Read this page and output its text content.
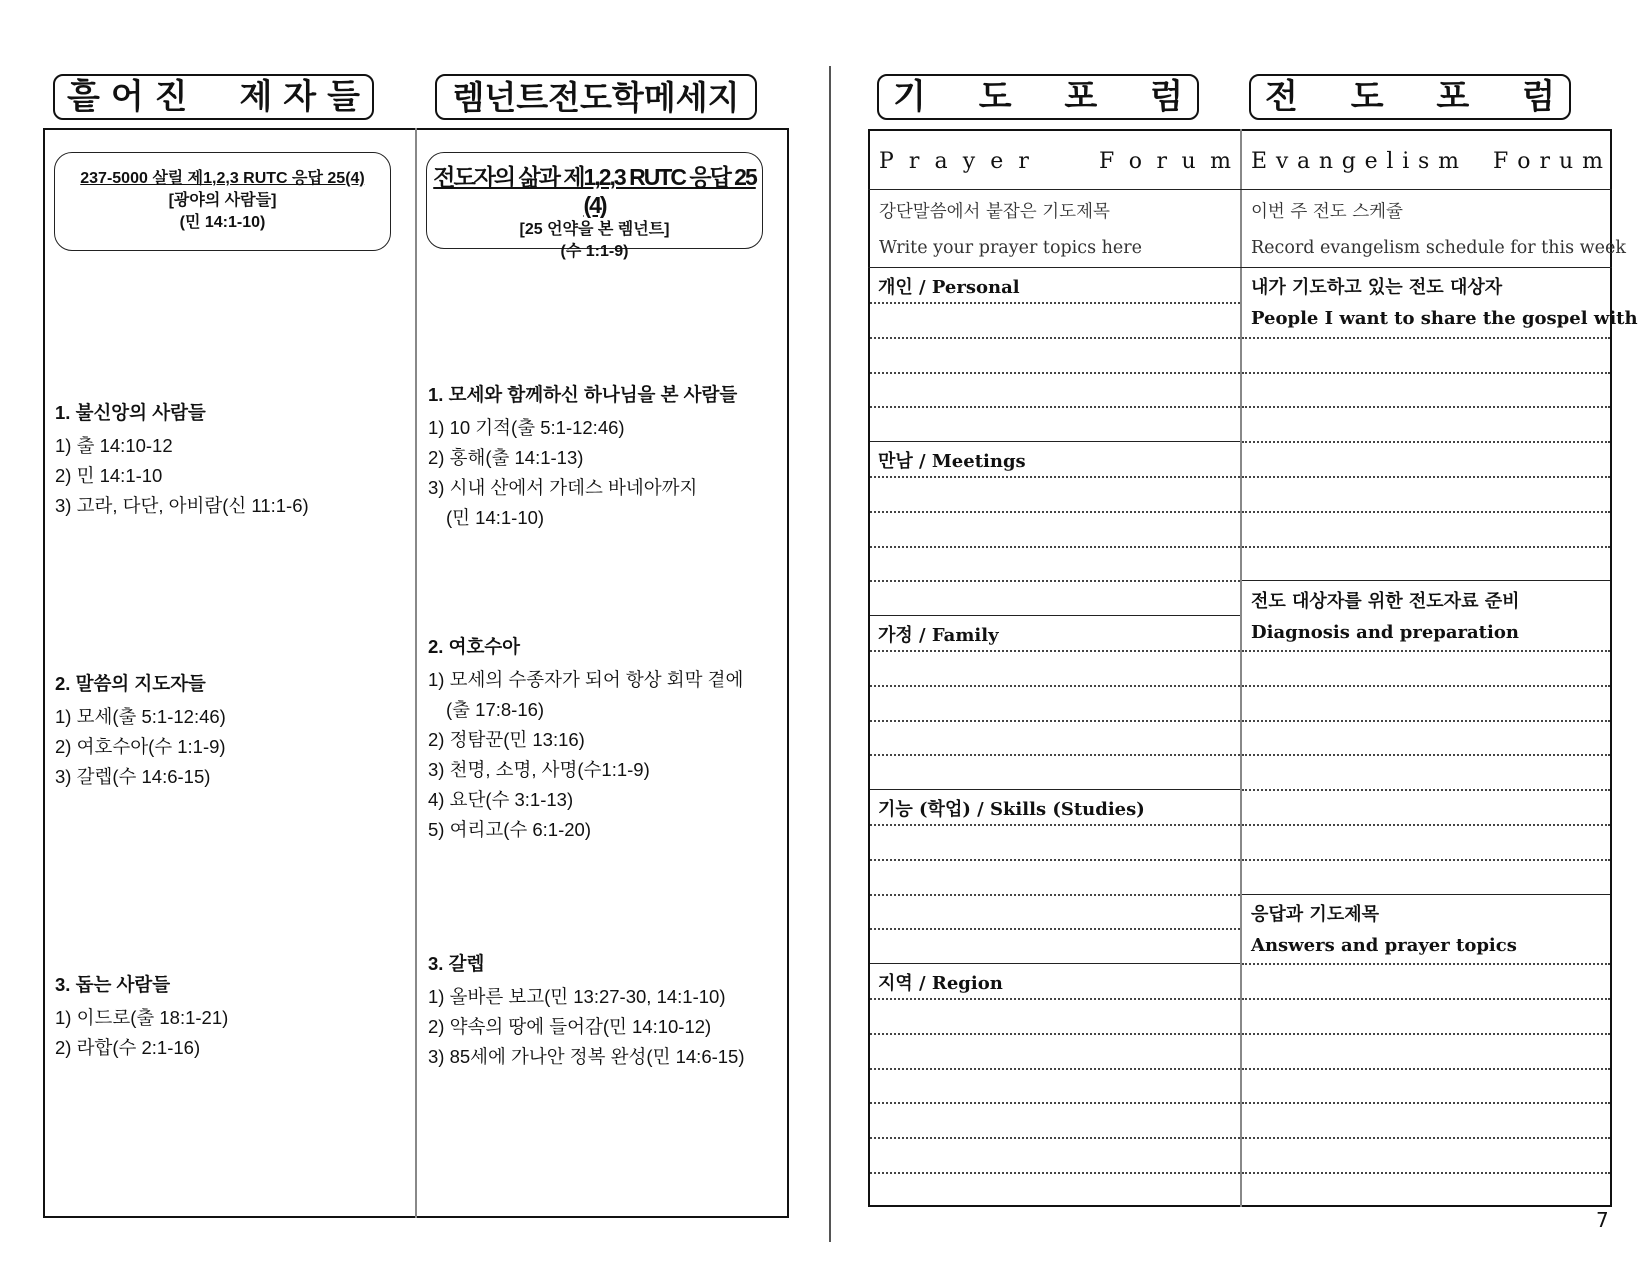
흩 어 진 제 자 들	렘넌트전도학메세지
237-5000 살릴 제1,2,3 RUTC 응답 25(4)
[광야의 사람들]
(민 14:1-10)
전도자의 삶과 제1,2,3 RUTC 응답 25 (4)
[25 언약을 본 렘넌트]
(수 1:1-9)
1. 불신앙의 사람들
1) 출 14:10-12
2) 민 14:1-10
3) 고라, 다단, 아비람(신 11:1-6)
2. 말씀의 지도자들
1) 모세(출 5:1-12:46)
2) 여호수아(수 1:1-9)
3) 갈렙(수 14:6-15)
3. 돕는 사람들
1) 이드로(출 18:1-21)
2) 라합(수 2:1-16)
1. 모세와 함께하신 하나님을 본 사람들
1) 10 기적(출 5:1-12:46)
2) 홍해(출 14:1-13)
3) 시내 산에서 가데스 바네아까지
(민 14:1-10)
2. 여호수아
1) 모세의 수종자가 되어 항상 회막 곁에
(출 17:8-16)
2) 정탐꾼(민 13:16)
3) 천명, 소명, 사명(수1:1-9)
4) 요단(수 3:1-13)
5) 여리고(수 6:1-20)
3. 갈렙
1) 올바른 보고(민 13:27-30, 14:1-10)
2) 약속의 땅에 들어감(민 14:10-12)
3) 85세에 가나안 정복 완성(민 14:6-15)
기 도 포 럼 전 도 포 럼
P r a y e r	F o r u m E v a n g e l i s m F o r u m
강단말씀에서 붙잡은 기도제목
Write your prayer topics here
이번 주 전도 스케쥴
Record evangelism schedule for this week
개인 / Personal
만남 / Meetings
가정 / Family
기능 (학업) / Skills (Studies)
지역 / Region
내가 기도하고 있는 전도 대상자
People I want to share the gospel with
전도 대상자를 위한 전도자료 준비
Diagnosis and preparation
응답과 기도제목
Answers and prayer topics
7
